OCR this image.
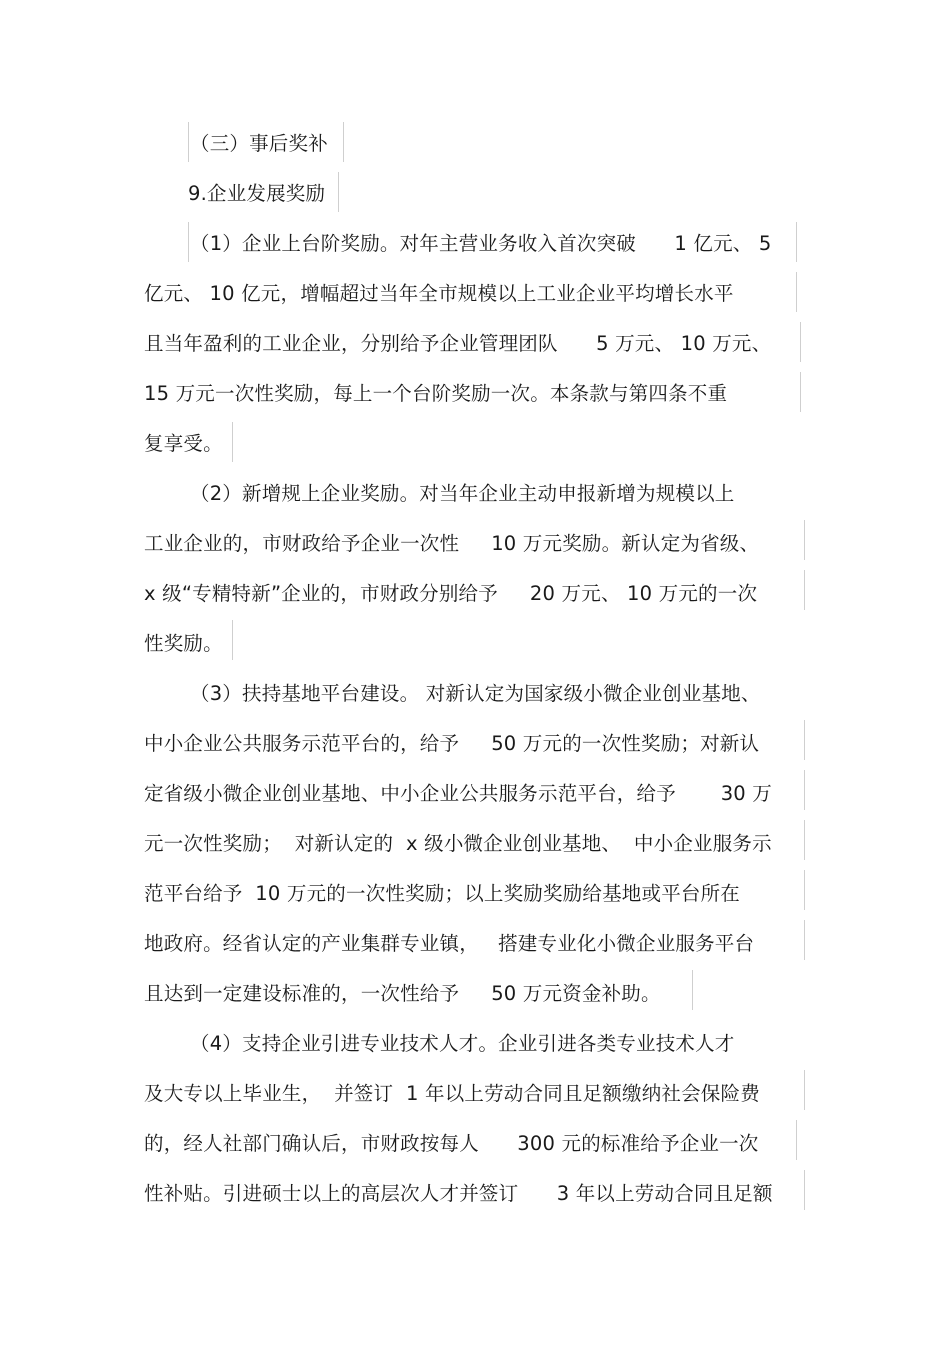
（三）事后奖补
9.企业发展奖励
（1）企业上台阶奖励。对年主营业务收入首次突破      1 亿元、 5
亿元、 10 亿元，增幅超过当年全市规模以上工业企业平均增长水平
且当年盈利的工业企业，分别给予企业管理团队      5 万元、 10 万元、
15 万元一次性奖励，每上一个台阶奖励一次。本条款与第四条不重
复享受。
（2）新增规上企业奖励。对当年企业主动申报新增为规模以上
工业企业的，市财政给予企业一次性     10 万元奖励。新认定为省级、
x 级“专精特新”企业的，市财政分别给予     20 万元、 10 万元的一次
性奖励。
（3）扶持基地平台建设。 对新认定为国家级小微企业创业基地、
中小企业公共服务示范平台的，给予     50 万元的一次性奖励；对新认
定省级小微企业创业基地、中小企业公共服务示范平台，给予       30 万
元一次性奖励；  对新认定的  x 级小微企业创业基地、  中小企业服务示
范平台给予  10 万元的一次性奖励；以上奖励奖励给基地或平台所在
地政府。经省认定的产业集群专业镇，   搭建专业化小微企业服务平台
且达到一定建设标准的，一次性给予     50 万元资金补助。
（4）支持企业引进专业技术人才。企业引进各类专业技术人才
及大专以上毕业生，  并签订  1 年以上劳动合同且足额缴纳社会保险费
的，经人社部门确认后，市财政按每人      300 元的标准给予企业一次
性补贴。引进硕士以上的高层次人才并签订      3 年以上劳动合同且足额
